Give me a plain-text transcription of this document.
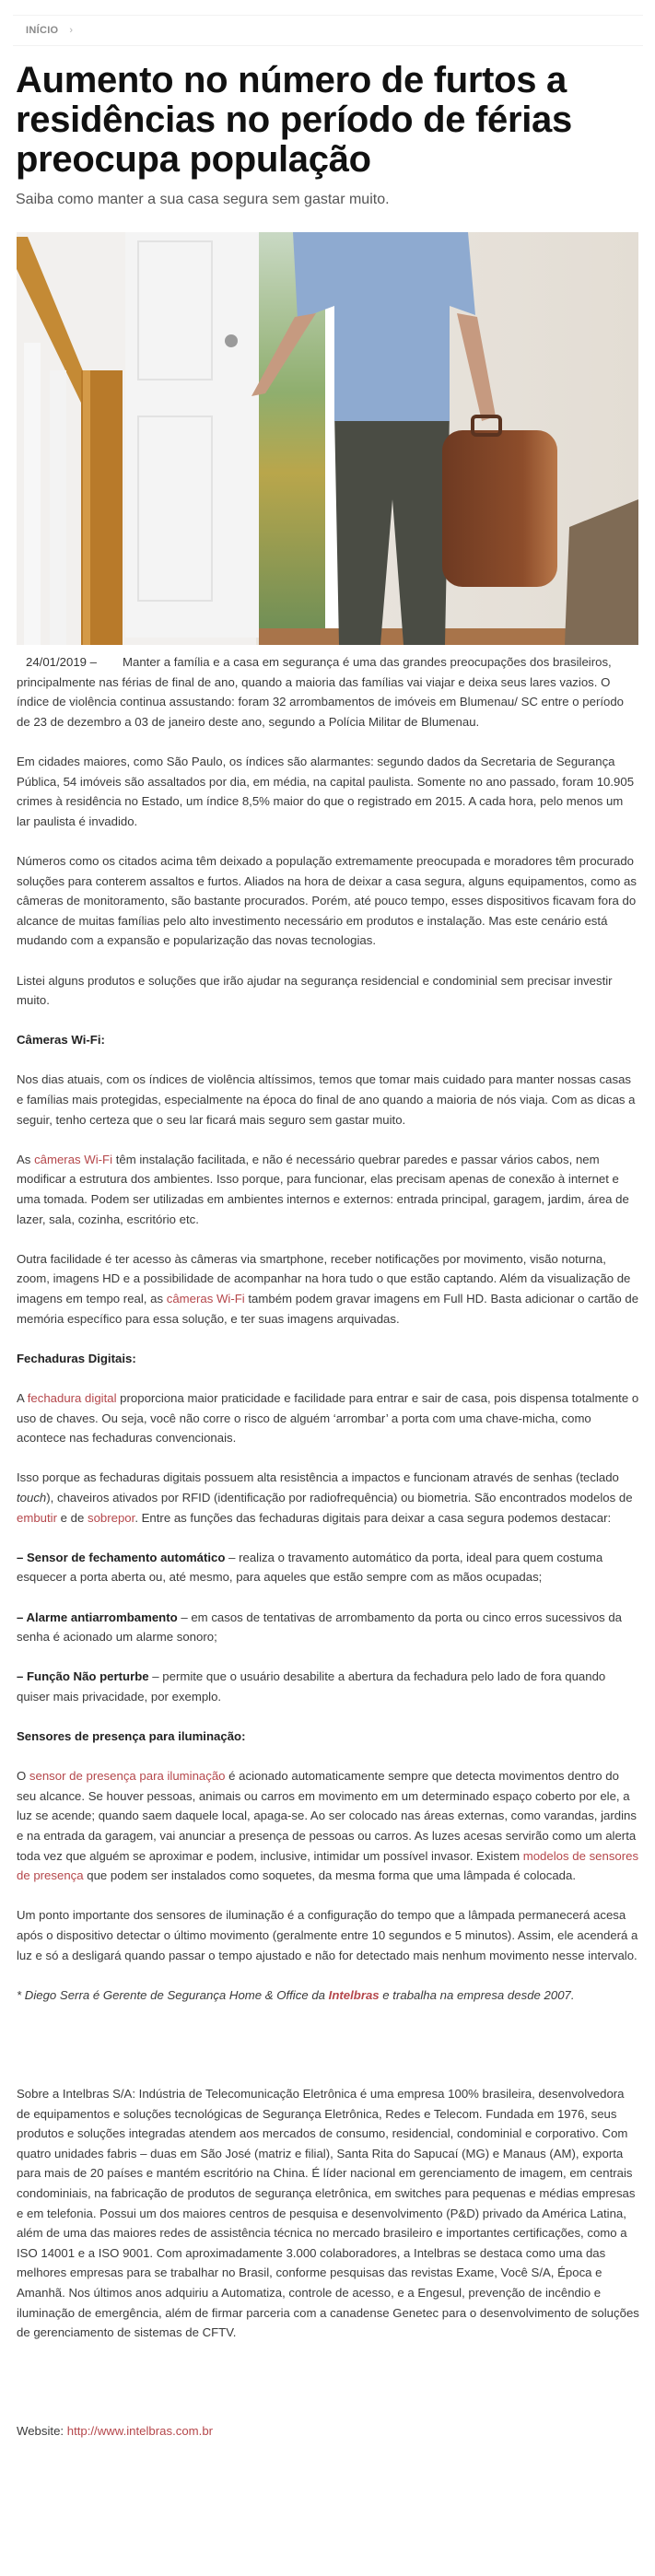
INÍCIO ›
Aumento no número de furtos a residências no período de férias preocupa população
Saiba como manter a sua casa segura sem gastar muito.

24/01/2019 – Manter a família e a casa em segurança é uma das grandes preocupações dos brasileiros, principalmente nas férias de final de ano, quando a maioria das famílias vai viajar e deixa seus lares vazios. O índice de violência continua assustando: foram 32 arrombamentos de imóveis em Blumenau/ SC entre o período de 23 de dezembro a 03 de janeiro deste ano, segundo a Polícia Militar de Blumenau.

Em cidades maiores, como São Paulo, os índices são alarmantes: segundo dados da Secretaria de Segurança Pública, 54 imóveis são assaltados por dia, em média, na capital paulista. Somente no ano passado, foram 10.905 crimes à residência no Estado, um índice 8,5% maior do que o registrado em 2015. A cada hora, pelo menos um lar paulista é invadido.

Números como os citados acima têm deixado a população extremamente preocupada e moradores têm procurado soluções para conterem assaltos e furtos. Aliados na hora de deixar a casa segura, alguns equipamentos, como as câmeras de monitoramento, são bastante procurados. Porém, até pouco tempo, esses dispositivos ficavam fora do alcance de muitas famílias pelo alto investimento necessário em produtos e instalação. Mas este cenário está mudando com a expansão e popularização das novas tecnologias.

Listei alguns produtos e soluções que irão ajudar na segurança residencial e condominial sem precisar investir muito.

Câmeras Wi-Fi:

Nos dias atuais, com os índices de violência altíssimos, temos que tomar mais cuidado para manter nossas casas e famílias mais protegidas, especialmente na época do final de ano quando a maioria de nós viaja. Com as dicas a seguir, tenho certeza que o seu lar ficará mais seguro sem gastar muito.

As câmeras Wi-Fi têm instalação facilitada, e não é necessário quebrar paredes e passar vários cabos, nem modificar a estrutura dos ambientes. Isso porque, para funcionar, elas precisam apenas de conexão à internet e uma tomada. Podem ser utilizadas em ambientes internos e externos: entrada principal, garagem, jardim, área de lazer, sala, cozinha, escritório etc.

Outra facilidade é ter acesso às câmeras via smartphone, receber notificações por movimento, visão noturna, zoom, imagens HD e a possibilidade de acompanhar na hora tudo o que estão captando. Além da visualização de imagens em tempo real, as câmeras Wi-Fi também podem gravar imagens em Full HD. Basta adicionar o cartão de memória específico para essa solução, e ter suas imagens arquivadas.

Fechaduras Digitais:

A fechadura digital proporciona maior praticidade e facilidade para entrar e sair de casa, pois dispensa totalmente o uso de chaves. Ou seja, você não corre o risco de alguém ‘arrombar’ a porta com uma chave-micha, como acontece nas fechaduras convencionais.

Isso porque as fechaduras digitais possuem alta resistência a impactos e funcionam através de senhas (teclado touch), chaveiros ativados por RFID (identificação por radiofrequência) ou biometria. São encontrados modelos de embutir e de sobrepor. Entre as funções das fechaduras digitais para deixar a casa segura podemos destacar:

– Sensor de fechamento automático – realiza o travamento automático da porta, ideal para quem costuma esquecer a porta aberta ou, até mesmo, para aqueles que estão sempre com as mãos ocupadas;

– Alarme antiarrombamento – em casos de tentativas de arrombamento da porta ou cinco erros sucessivos da senha é acionado um alarme sonoro;

– Função Não perturbe – permite que o usuário desabilite a abertura da fechadura pelo lado de fora quando quiser mais privacidade, por exemplo.

Sensores de presença para iluminação:

O sensor de presença para iluminação é acionado automaticamente sempre que detecta movimentos dentro do seu alcance. Se houver pessoas, animais ou carros em movimento em um determinado espaço coberto por ele, a luz se acende; quando saem daquele local, apaga-se. Ao ser colocado nas áreas externas, como varandas, jardins e na entrada da garagem, vai anunciar a presença de pessoas ou carros. As luzes acesas servirão como um alerta toda vez que alguém se aproximar e podem, inclusive, intimidar um possível invasor. Existem modelos de sensores de presença que podem ser instalados como soquetes, da mesma forma que uma lâmpada é colocada.

Um ponto importante dos sensores de iluminação é a configuração do tempo que a lâmpada permanecerá acesa após o dispositivo detectar o último movimento (geralmente entre 10 segundos e 5 minutos). Assim, ele acenderá a luz e só a desligará quando passar o tempo ajustado e não for detectado mais nenhum movimento nesse intervalo.

* Diego Serra é Gerente de Segurança Home & Office da Intelbras e trabalha na empresa desde 2007.

Sobre a Intelbras S/A: Indústria de Telecomunicação Eletrônica é uma empresa 100% brasileira, desenvolvedora de equipamentos e soluções tecnológicas de Segurança Eletrônica, Redes e Telecom. Fundada em 1976, seus produtos e soluções integradas atendem aos mercados de consumo, residencial, condominial e corporativo. Com quatro unidades fabris – duas em São José (matriz e filial), Santa Rita do Sapucaí (MG) e Manaus (AM), exporta para mais de 20 países e mantém escritório na China. É líder nacional em gerenciamento de imagem, em centrais condominiais, na fabricação de produtos de segurança eletrônica, em switches para pequenas e médias empresas e em telefonia. Possui um dos maiores centros de pesquisa e desenvolvimento (P&D) privado da América Latina, além de uma das maiores redes de assistência técnica no mercado brasileiro e importantes certificações, como a ISO 14001 e a ISO 9001. Com aproximadamente 3.000 colaboradores, a Intelbras se destaca como uma das melhores empresas para se trabalhar no Brasil, conforme pesquisas das revistas Exame, Você S/A, Época e Amanhã. Nos últimos anos adquiriu a Automatiza, controle de acesso, e a Engesul, prevenção de incêndio e iluminação de emergência, além de firmar parceria com a canadense Genetec para o desenvolvimento de soluções de gerenciamento de sistemas de CFTV.

Website: http://www.intelbras.com.br
